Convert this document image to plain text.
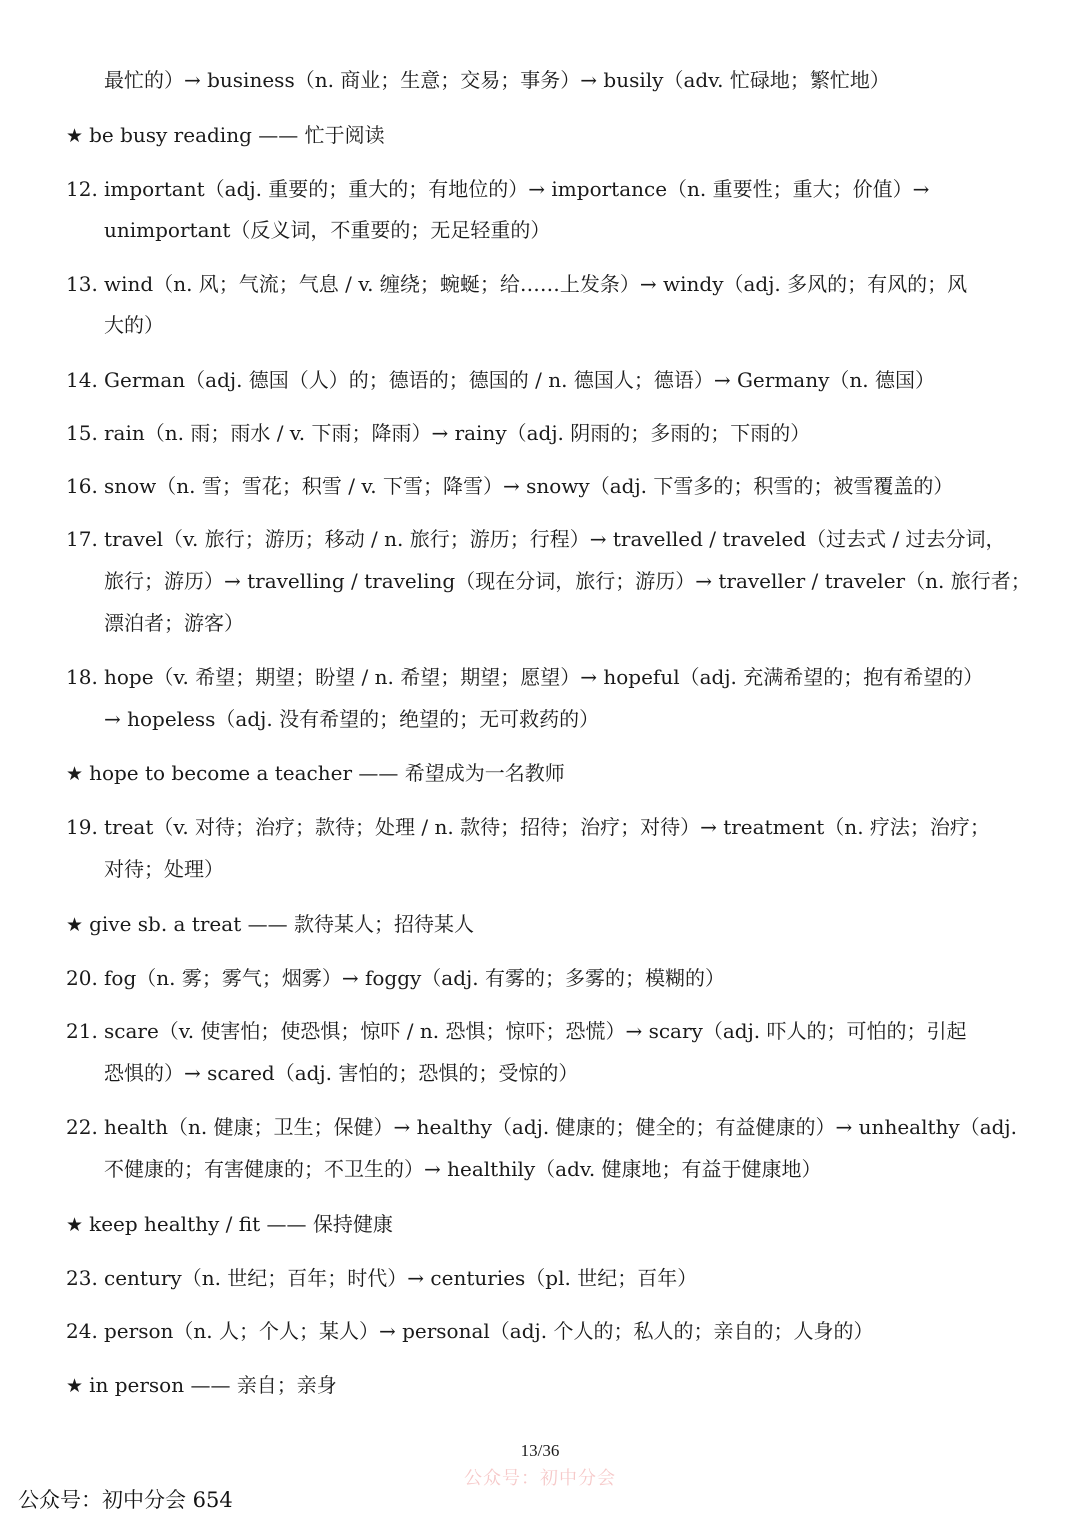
最忙的）→ business（n. 商业；生意；交易；事务）→ busily（adv. 忙碌地；繁忙地）
★ be busy reading —— 忙于阅读
12. important（adj. 重要的；重大的；有地位的）→ importance（n. 重要性；重大；价值）→
unimportant（反义词，不重要的；无足轻重的）
13. wind（n. 风；气流；气息 / v. 缠绕；蜿蜒；给……上发条）→ windy（adj. 多风的；有风的；风
大的）
14. German（adj. 德国（人）的；德语的；德国的 / n. 德国人；德语）→ Germany（n. 德国）
15. rain（n. 雨；雨水 / v. 下雨；降雨）→ rainy（adj. 阴雨的；多雨的；下雨的）
16. snow（n. 雪；雪花；积雪 / v. 下雪；降雪）→ snowy（adj. 下雪多的；积雪的；被雪覆盖的）
17. travel（v. 旅行；游历；移动 / n. 旅行；游历；行程）→ travelled / traveled（过去式 / 过去分词，
旅行；游历）→ travelling / traveling（现在分词，旅行；游历）→ traveller / traveler（n. 旅行者；
漂泊者；游客）
18. hope（v. 希望；期望；盼望 / n. 希望；期望；愿望）→ hopeful（adj. 充满希望的；抱有希望的）
→ hopeless（adj. 没有希望的；绝望的；无可救药的）
★ hope to become a teacher —— 希望成为一名教师
19. treat（v. 对待；治疗；款待；处理 / n. 款待；招待；治疗；对待）→ treatment（n. 疗法；治疗；
对待；处理）
★ give sb. a treat —— 款待某人；招待某人
20. fog（n. 雾；雾气；烟雾）→ foggy（adj. 有雾的；多雾的；模糊的）
21. scare（v. 使害怕；使恐惧；惊吓 / n. 恐惧；惊吓；恐慌）→ scary（adj. 吓人的；可怕的；引起
恐惧的）→ scared（adj. 害怕的；恐惧的；受惊的）
22. health（n. 健康；卫生；保健）→ healthy（adj. 健康的；健全的；有益健康的）→ unhealthy（adj.
不健康的；有害健康的；不卫生的）→ healthily（adv. 健康地；有益于健康地）
★ keep healthy / fit —— 保持健康
23. century（n. 世纪；百年；时代）→ centuries（pl. 世纪；百年）
24. person（n. 人；个人；某人）→ personal（adj. 个人的；私人的；亲自的；人身的）
★ in person —— 亲自；亲身
13/36
公众号：初中分会
公众号：初中分会 654
